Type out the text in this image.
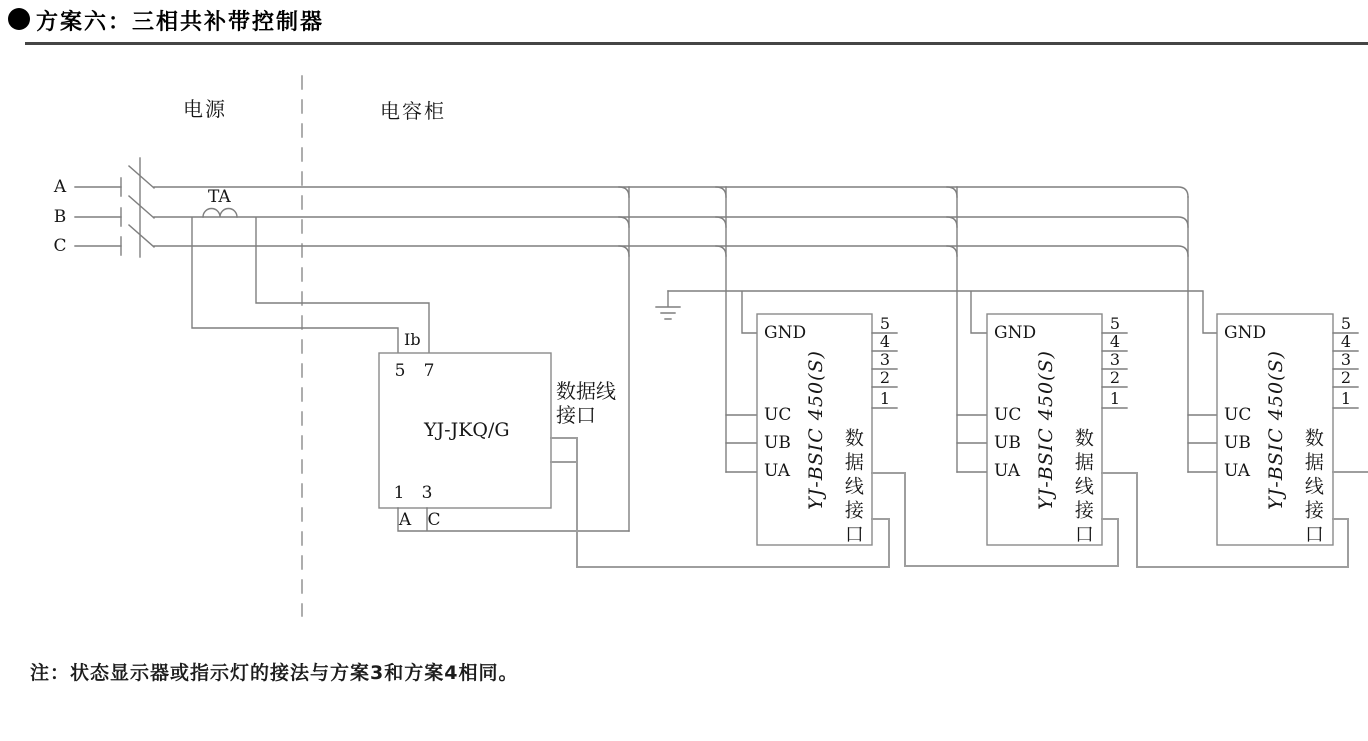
方案六：三相共补带控制器
电源	电容柜
A
B
C
TA
Ib
5 7
1 3
A C
YJ-JKQ/G
数据线
接口
GND
UC
UB
UA YJ-BSIC 450(S) 数据线接口
5
4
3
2
1
GND
UC
UB
UA YJ-BSIC 450(S) 数据线接口
5
4
3
2
1
GND
UC
UB
UA YJ-BSIC 450(S) 数据线接口
5
4
3
2
1
注：状态显示器或指示灯的接法与方案3和方案4相同。
